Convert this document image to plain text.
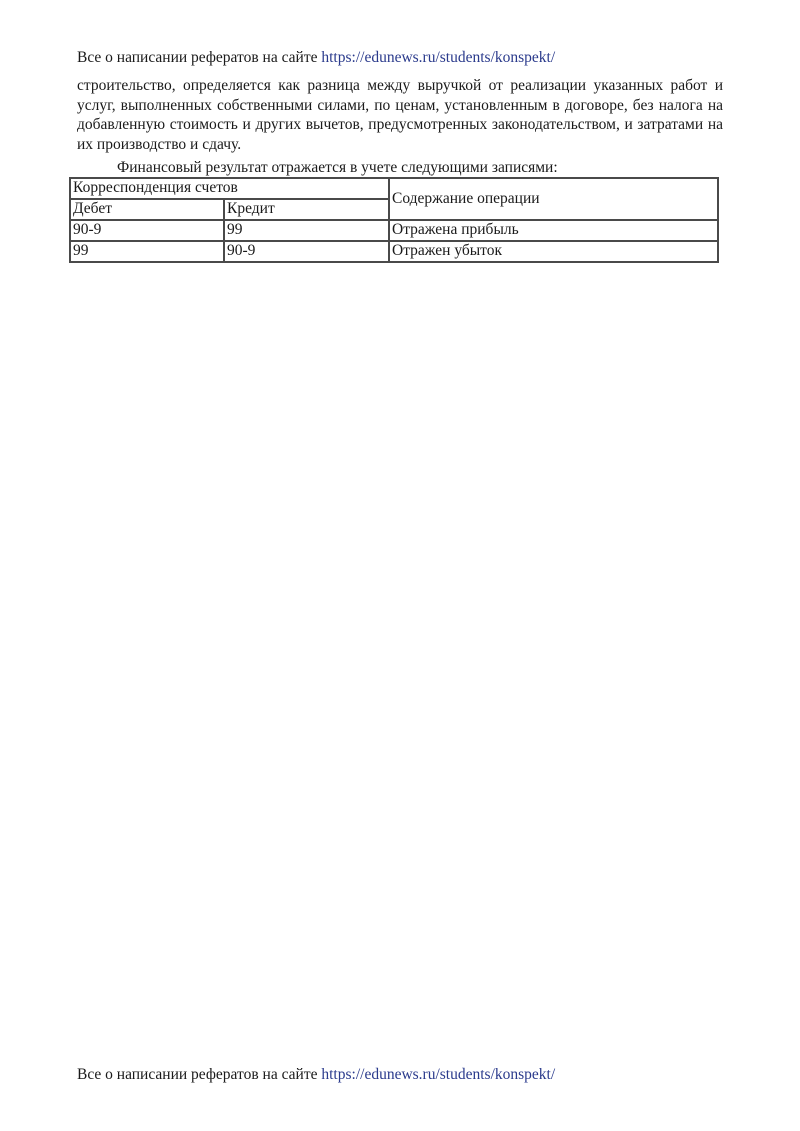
Все о написании рефератов на сайте https://edunews.ru/students/konspekt/

строительство, определяется как разница между выручкой от реализации указанных работ и услуг, выполненных собственными силами, по ценам, установленным в договоре, без налога на добавленную стоимость и других вычетов, предусмотренных законодательством, и затратами на их производство и сдачу.

Финансовый результат отражается в учете следующими записями:

Корреспонденция счетов		Содержание операции
Дебет	Кредит	
90-9	99	Отражена прибыль
99	90-9	Отражен убыток
Все о написании рефератов на сайте https://edunews.ru/students/konspekt/
